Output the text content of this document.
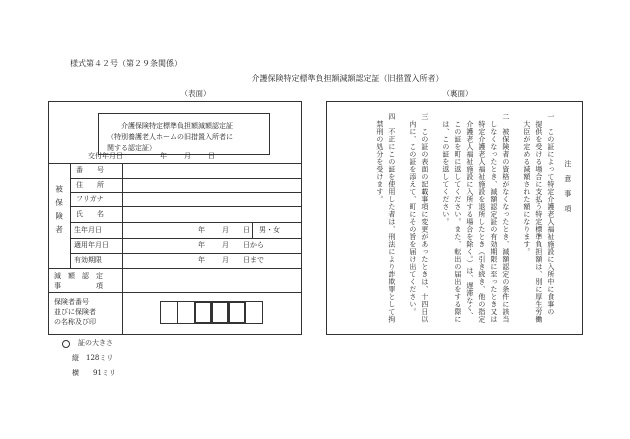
様式第４２号（第２９条関係）
介護保険特定標準負担額減額認定証（旧措置入所者）
（表面）	（裏面）
介護保険特定標準負担額減額認定証
（特別養護老人ホームの旧措置入所者に
関する認定証）
交付年月日	年 月 日
被保険者
番　　号
住　　所
フリガナ
氏　　名
生年月日	年 月 日 男・女
適用年月日	年 月 日から
有効期限	年 月 日まで
減　額　認　定
事　　　　　項
保険者番号
並びに保険者
の名称及び印
証の大きさ
縦　128ミリ
横　　91ミリ
注　意　事　項
一　この証によって特定介護老人福祉施設に入所中に食事の
　提供を受ける場合に支払う特定標準負担額は、別に厚生労働
　大臣が定める減額された額になります。
二　被保険者の資格がなくなったとき、減額認定の条件に該当
　しなくなったとき、減額認定証の有効期限に至ったとき又は
　特定介護老人福祉施設を退所したとき（引き続き、他の指定
　介護老人福祉施設に入所する場合を除く。）は、遅滞なく、
　この証を町に返してください。また、転出の届出をする際に
　は、この証を返してください。
三　この証の表面の記載事項に変更があったときは、十四日以
　内に、この証を添えて、町にその旨を届け出てください。
四　不正にこの証を使用した者は、刑法により詐欺罪として拘
　禁刑の処分を受けます。
